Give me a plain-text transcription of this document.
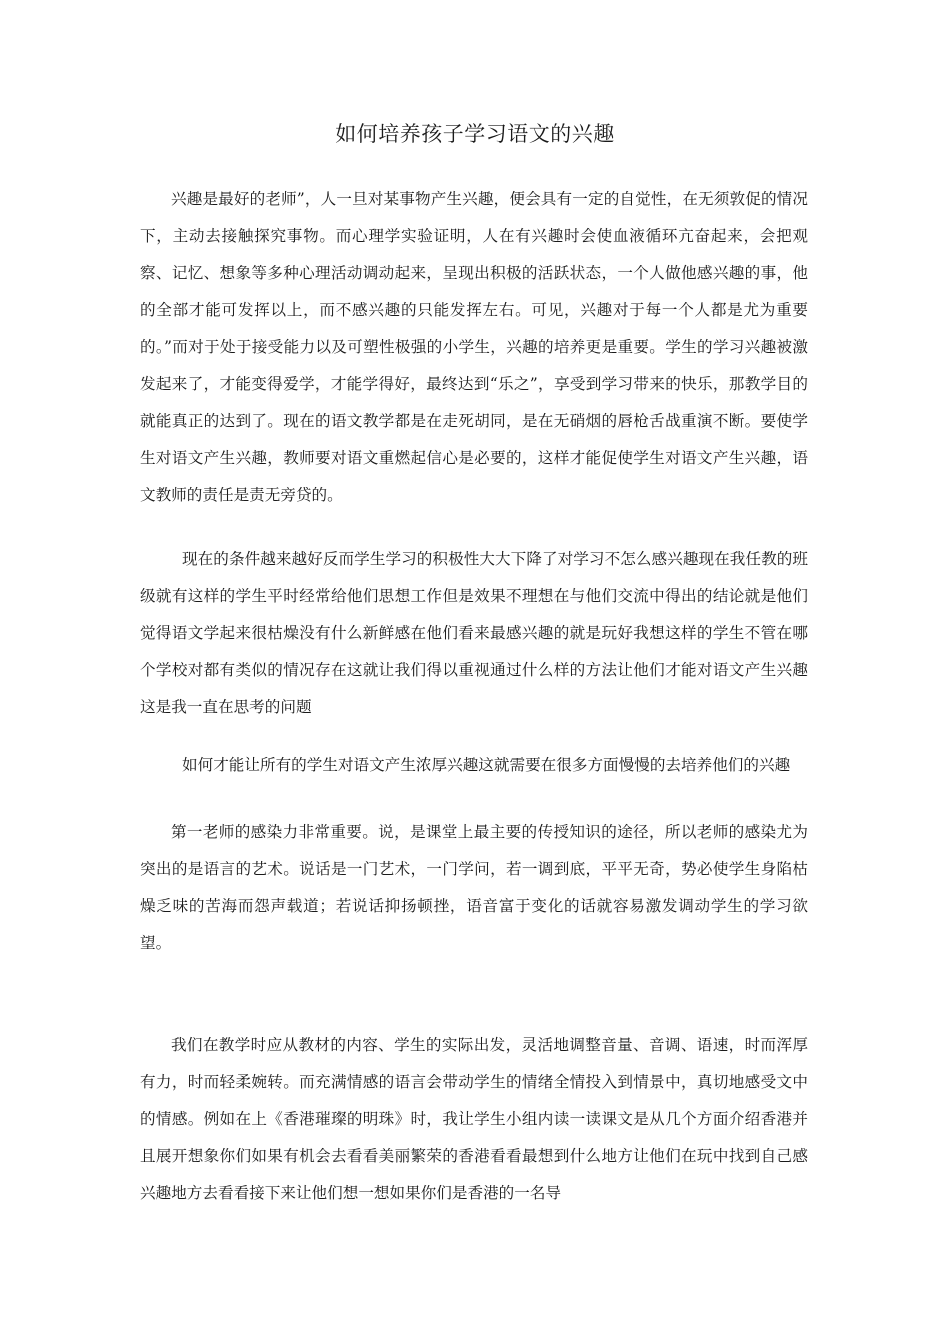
如何培养孩子学习语文的兴趣

兴趣是最好的老师”，人一旦对某事物产生兴趣，便会具有一定的自觉性，在无须敦促的情况下，主动去接触探究事物。而心理学实验证明，人在有兴趣时会使血液循环亢奋起来，会把观察、记忆、想象等多种心理活动调动起来，呈现出积极的活跃状态，一个人做他感兴趣的事，他的全部才能可发挥以上，而不感兴趣的只能发挥左右。可见，兴趣对于每一个人都是尤为重要的。”而对于处于接受能力以及可塑性极强的小学生，兴趣的培养更是重要。学生的学习兴趣被激发起来了，才能变得爱学，才能学得好，最终达到“乐之”，享受到学习带来的快乐，那教学目的就能真正的达到了。现在的语文教学都是在走死胡同，是在无硝烟的唇枪舌战重演不断。要使学生对语文产生兴趣，教师要对语文重燃起信心是必要的，这样才能促使学生对语文产生兴趣，语文教师的责任是责无旁贷的。

现在的条件越来越好反而学生学习的积极性大大下降了对学习不怎么感兴趣现在我任教的班级就有这样的学生平时经常给他们思想工作但是效果不理想在与他们交流中得出的结论就是他们觉得语文学起来很枯燥没有什么新鲜感在他们看来最感兴趣的就是玩好我想这样的学生不管在哪个学校对都有类似的情况存在这就让我们得以重视通过什么样的方法让他们才能对语文产生兴趣这是我一直在思考的问题

如何才能让所有的学生对语文产生浓厚兴趣这就需要在很多方面慢慢的去培养他们的兴趣

第一老师的感染力非常重要。说，是课堂上最主要的传授知识的途径，所以老师的感染尤为突出的是语言的艺术。说话是一门艺术，一门学问，若一调到底，平平无奇，势必使学生身陷枯燥乏味的苦海而怨声载道；若说话抑扬顿挫，语音富于变化的话就容易激发调动学生的学习欲望。

我们在教学时应从教材的内容、学生的实际出发，灵活地调整音量、音调、语速，时而浑厚有力，时而轻柔婉转。而充满情感的语言会带动学生的情绪全情投入到情景中，真切地感受文中的情感。例如在上《香港璀璨的明珠》时，我让学生小组内读一读课文是从几个方面介绍香港并且展开想象你们如果有机会去看看美丽繁荣的香港看看最想到什么地方让他们在玩中找到自己感兴趣地方去看看接下来让他们想一想如果你们是香港的一名导
